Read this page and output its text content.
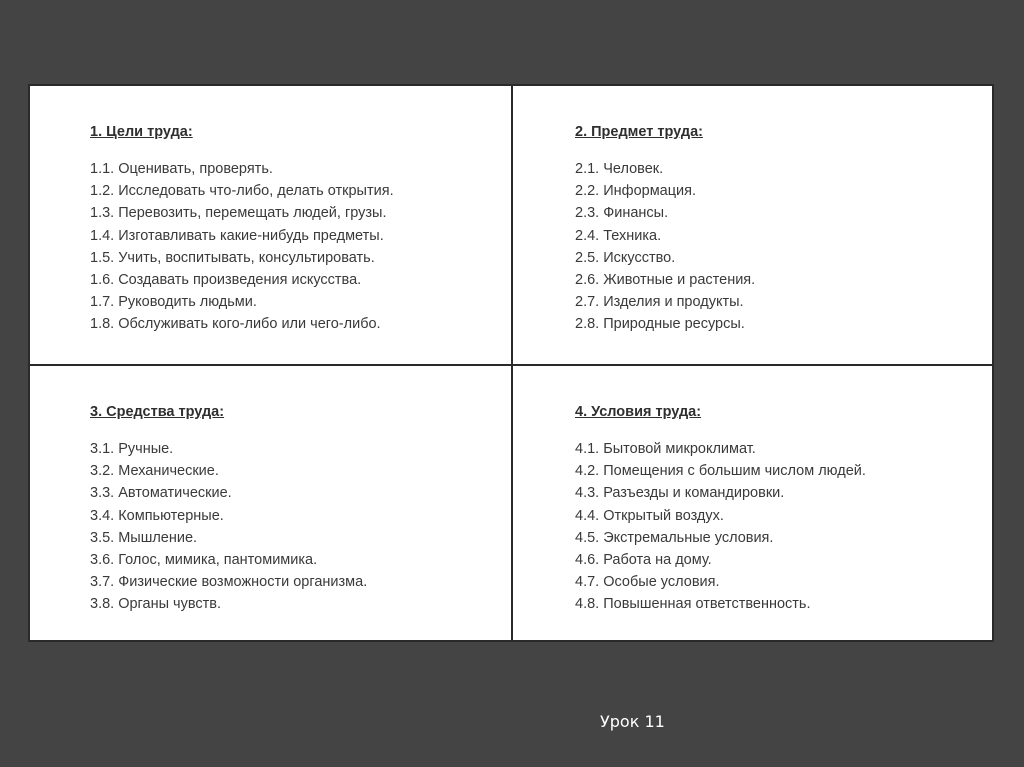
1. Цели труда:
1.1. Оценивать, проверять.
1.2. Исследовать что-либо, делать открытия.
1.3. Перевозить, перемещать людей, грузы.
1.4. Изготавливать какие-нибудь предметы.
1.5. Учить, воспитывать, консультировать.
1.6. Создавать произведения искусства.
1.7. Руководить людьми.
1.8. Обслуживать кого-либо или чего-либо.
2. Предмет труда:
2.1. Человек.
2.2. Информация.
2.3. Финансы.
2.4. Техника.
2.5. Искусство.
2.6. Животные и растения.
2.7. Изделия и продукты.
2.8. Природные ресурсы.
3. Средства труда:
3.1. Ручные.
3.2. Механические.
3.3. Автоматические.
3.4. Компьютерные.
3.5. Мышление.
3.6. Голос, мимика, пантомимика.
3.7. Физические возможности организма.
3.8. Органы чувств.
4. Условия труда:
4.1. Бытовой микроклимат.
4.2. Помещения с большим числом людей.
4.3. Разъезды и командировки.
4.4. Открытый воздух.
4.5. Экстремальные условия.
4.6. Работа на дому.
4.7. Особые условия.
4.8. Повышенная ответственность.
Урок 11
